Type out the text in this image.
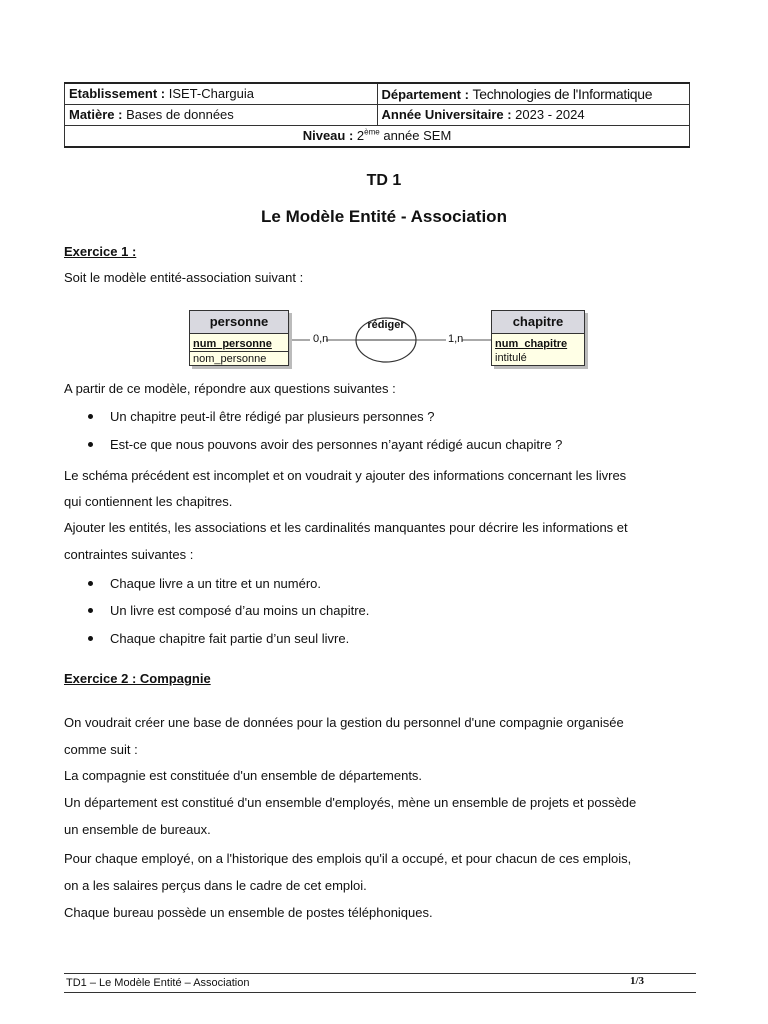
Etablissement : ISET-Charguia	Département : Technologies de l'Informatique
Matière : Bases de données	Année Universitaire : 2023 - 2024
Niveau : 2ème année SEM
TD 1
Le Modèle Entité - Association
Exercice 1 :
Soit le modèle entité-association suivant :
rédiger
0,n	1,n
personne
num_personne
nom_personne
chapitre
num_chapitre
intitulé
A partir de ce modèle, répondre aux questions suivantes :
Un chapitre peut-il être rédigé par plusieurs personnes ?
Est-ce que nous pouvons avoir des personnes n’ayant rédigé aucun chapitre ?
Le schéma précédent est incomplet et on voudrait y ajouter des informations concernant les livres
qui contiennent les chapitres.
Ajouter les entités, les associations et les cardinalités manquantes pour décrire les informations et
contraintes suivantes :
Chaque livre a un titre et un numéro.
Un livre est composé d’au moins un chapitre.
Chaque chapitre fait partie d’un seul livre.
Exercice 2 : Compagnie
On voudrait créer une base de données pour la gestion du personnel d'une compagnie organisée
comme suit :
La compagnie est constituée d'un ensemble de départements.
Un département est constitué d'un ensemble d'employés, mène un ensemble de projets et possède
un ensemble de bureaux.
Pour chaque employé, on a l'historique des emplois qu'il a occupé, et pour chacun de ces emplois,
on a les salaires perçus dans le cadre de cet emploi.
Chaque bureau possède un ensemble de postes téléphoniques.
TD1 – Le Modèle Entité – Association	1/3
